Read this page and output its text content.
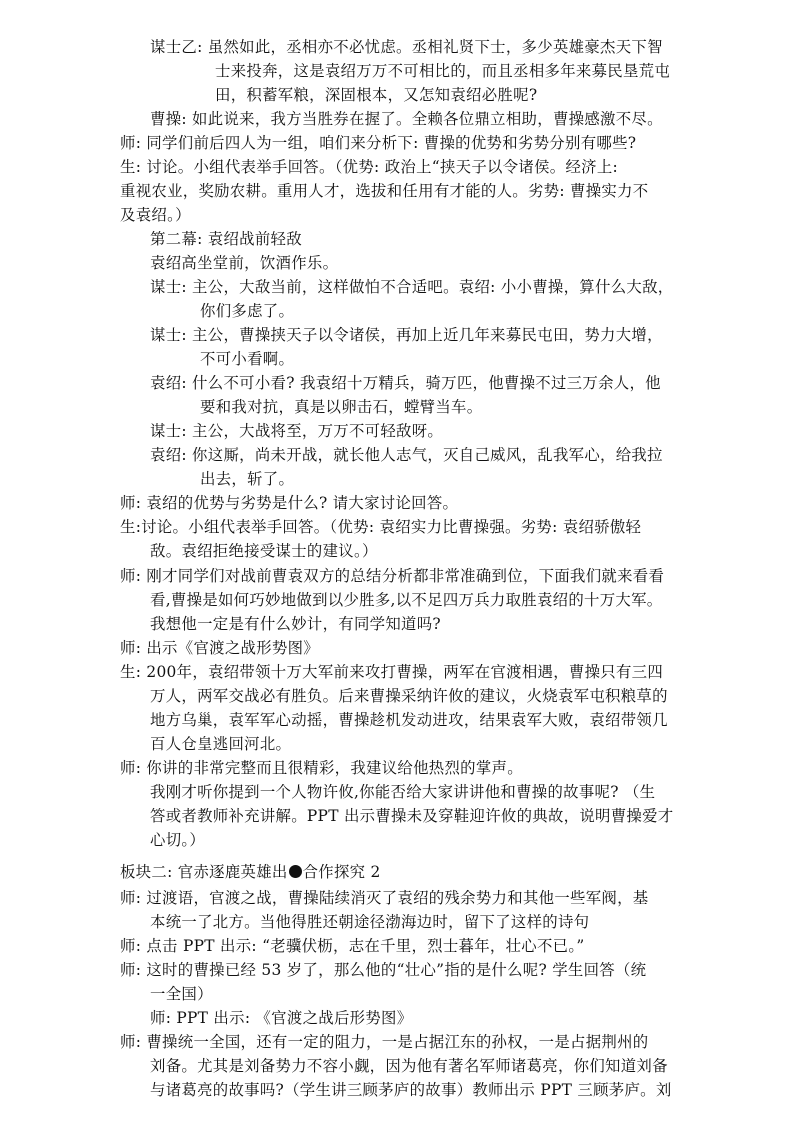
谋士乙: 虽然如此，丞相亦不必忧虑。丞相礼贤下士，多少英雄豪杰天下智
士来投奔，这是袁绍万万不可相比的，而且丞相多年来募民垦荒屯
田，积蓄军粮，深固根本，又怎知袁绍必胜呢?
曹操: 如此说来，我方当胜券在握了。全赖各位鼎立相助，曹操感激不尽。
师: 同学们前后四人为一组，咱们来分析下: 曹操的优势和劣势分别有哪些?
生: 讨论。小组代表举手回答。（优势: 政治上“挟天子以令诸侯。经济上:
重视农业，奖励农耕。重用人才，选拔和任用有才能的人。劣势: 曹操实力不
及袁绍。）
第二幕: 袁绍战前轻敌
袁绍高坐堂前，饮酒作乐。
谋士: 主公，大敌当前，这样做怕不合适吧。袁绍: 小小曹操，算什么大敌，
你们多虑了。
谋士: 主公，曹操挟天子以令诸侯，再加上近几年来募民屯田，势力大增，
不可小看啊。
袁绍: 什么不可小看? 我袁绍十万精兵，骑万匹，他曹操不过三万余人，他
要和我对抗，真是以卵击石，螳臂当车。
谋士: 主公，大战将至，万万不可轻敌呀。
袁绍: 你这厮，尚未开战，就长他人志气，灭自己威风，乱我军心，给我拉
出去，斩了。
师: 袁绍的优势与劣势是什么? 请大家讨论回答。
生:讨论。小组代表举手回答。（优势: 袁绍实力比曹操强。劣势: 袁绍骄傲轻
敌。袁绍拒绝接受谋士的建议。）
师: 刚才同学们对战前曹袁双方的总结分析都非常准确到位，下面我们就来看看
看,曹操是如何巧妙地做到以少胜多,以不足四万兵力取胜袁绍的十万大军。
我想他一定是有什么妙计，有同学知道吗?
师: 出示《官渡之战形势图》
生: 200年，袁绍带领十万大军前来攻打曹操，两军在官渡相遇，曹操只有三四
万人，两军交战必有胜负。后来曹操采纳许攸的建议，火烧袁军屯积粮草的
地方乌巢，袁军军心动摇，曹操趁机发动进攻，结果袁军大败，袁绍带领几
百人仓皇逃回河北。
师: 你讲的非常完整而且很精彩，我建议给他热烈的掌声。
我刚才听你提到一个人物许攸,你能否给大家讲讲他和曹操的故事呢? （生
答或者教师补充讲解。PPT 出示曹操未及穿鞋迎许攸的典故，说明曹操爱才
心切。）
板块二: 官赤逐鹿英雄出 合作探究 2
师: 过渡语，官渡之战，曹操陆续消灭了袁绍的残余势力和其他一些军阀，基
本统一了北方。当他得胜还朝途径渤海边时，留下了这样的诗句
师: 点击 PPT 出示: “老骥伏枥，志在千里，烈士暮年，壮心不已。”
师: 这时的曹操已经 53 岁了，那么他的“壮心”指的是什么呢? 学生回答（统
一全国）
师: PPT 出示: 《官渡之战后形势图》
师: 曹操统一全国，还有一定的阻力，一是占据江东的孙权，一是占据荆州的
刘备。尤其是刘备势力不容小觑，因为他有著名军师诸葛亮，你们知道刘备
与诸葛亮的故事吗?（学生讲三顾茅庐的故事）教师出示 PPT 三顾茅庐。刘
